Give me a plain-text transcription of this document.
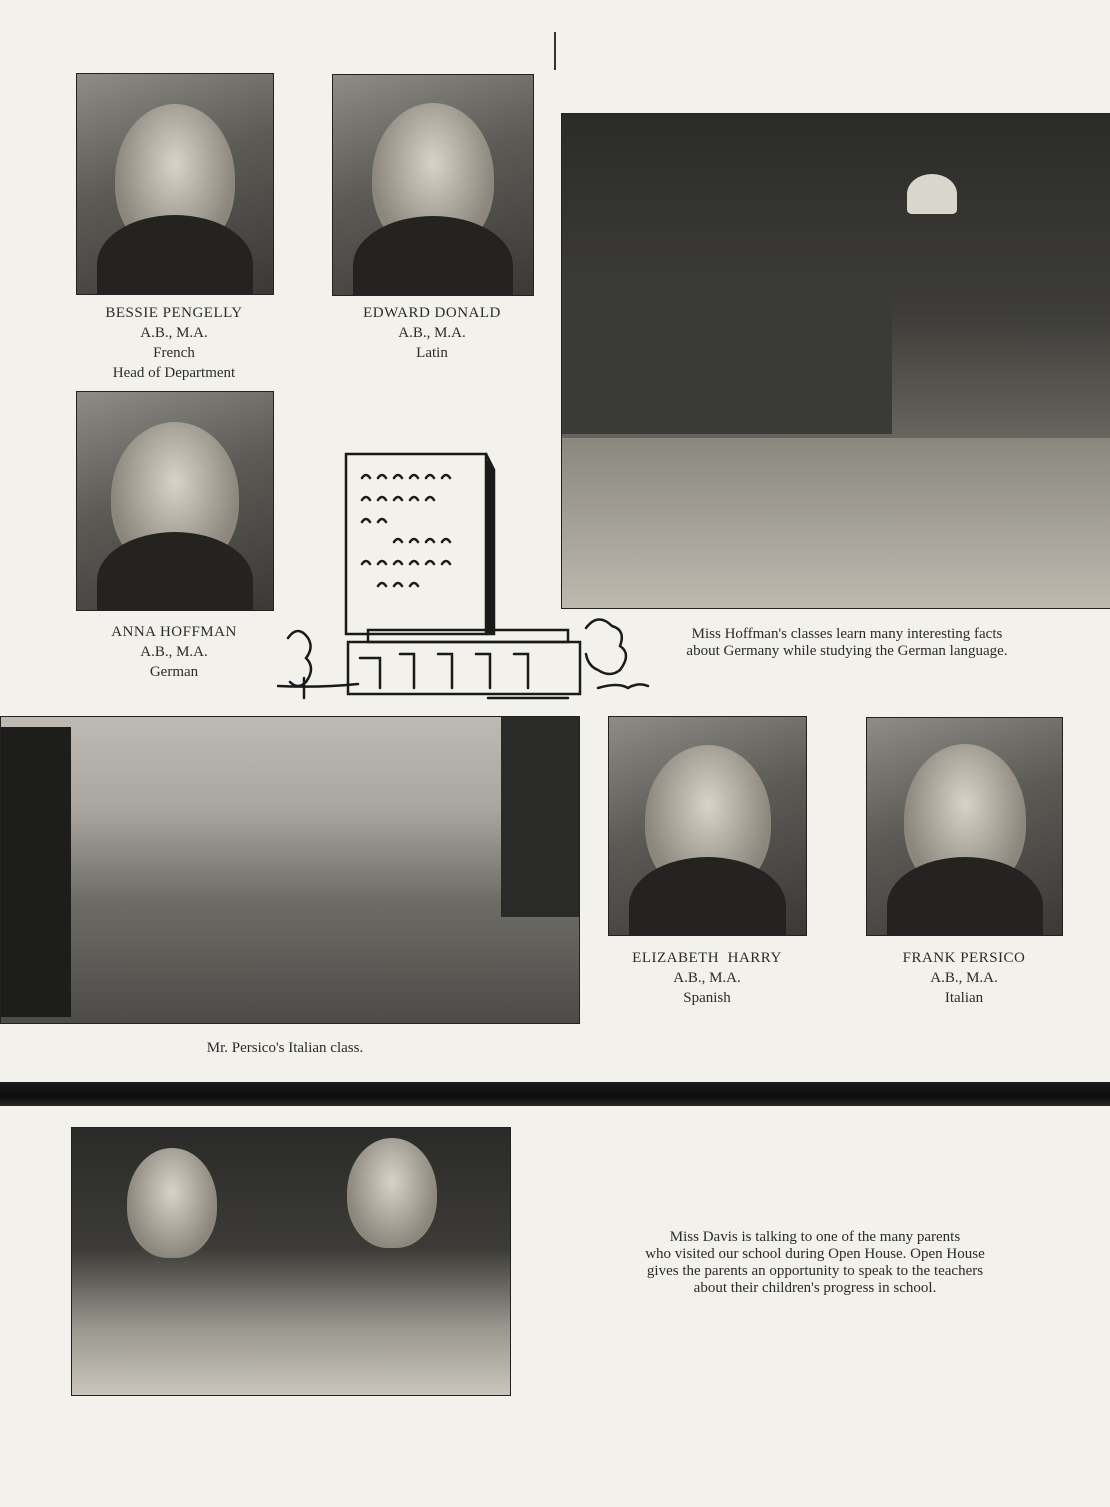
BESSIE PENGELLY
A.B., M.A.
French
Head of Department
EDWARD DONALD
A.B., M.A.
Latin
Miss Hoffman's classes learn many interesting facts
about Germany while studying the German language.
ANNA HOFFMAN
A.B., M.A.
German
Mr. Persico's Italian class.
ELIZABETH  HARRY
A.B., M.A.
Spanish
FRANK PERSICO
A.B., M.A.
Italian
Miss Davis is talking to one of the many parents
who visited our school during Open House. Open House
gives the parents an opportunity to speak to the teachers
about their children's progress in school.
